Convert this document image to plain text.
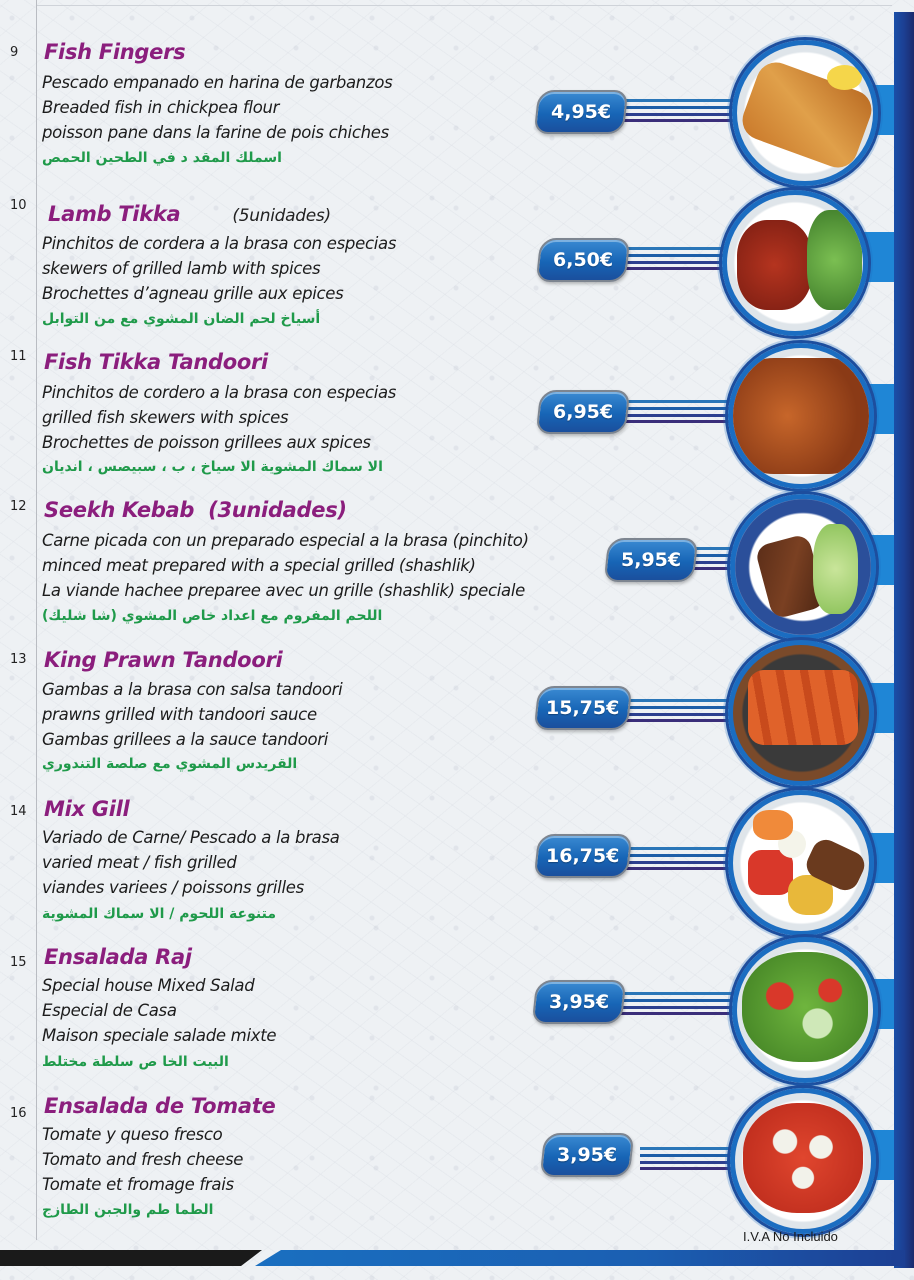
9 Fish Fingers
Pescado empanado en harina de garbanzos
Breaded fish in chickpea flour
poisson pane dans la farine de pois chiches
اسملك المقد د في الطحين الحمص
4,95€
10 Lamb Tikka	(5unidades)
Pinchitos de cordera a la brasa con especias
skewers of grilled lamb with spices
Brochettes d’agneau grille aux epices
أسياخ لحم الضان المشوي مع من التوابل
6,50€
11 Fish Tikka Tandoori
Pinchitos de cordero a la brasa con especias
grilled fish skewers with spices
Brochettes de poisson grillees aux spices
الا سماك المشوية الا سياخ ، ب ، سبيصس ، انديان
6,95€
12 Seekh Kebab (3unidades)
Carne picada con un preparado especial a la brasa (pinchito)
minced meat prepared with a special grilled (shashlik)
La viande hachee preparee avec un grille (shashlik) speciale
اللحم المفروم مع اعداد خاص المشوي (شا شليك)
5,95€
13 King Prawn Tandoori
Gambas a la brasa con salsa tandoori
prawns grilled with tandoori sauce
Gambas grillees a la sauce tandoori
القريدس المشوي مع صلصة التندوري
15,75€
14 Mix Gill
Variado de Carne/ Pescado a la brasa
varied meat / fish grilled
viandes variees / poissons grilles
متنوعة اللحوم / الا سماك المشوية
16,75€
15 Ensalada Raj
Special house Mixed Salad
Especial de Casa
Maison speciale salade mixte
البيت الخا ص سلطة مختلط
3,95€
16 Ensalada de Tomate
Tomate y queso fresco
Tomato and fresh cheese
Tomate et fromage frais
الطما طم والجبن الطازج
3,95€
I.V.A No Incluido
